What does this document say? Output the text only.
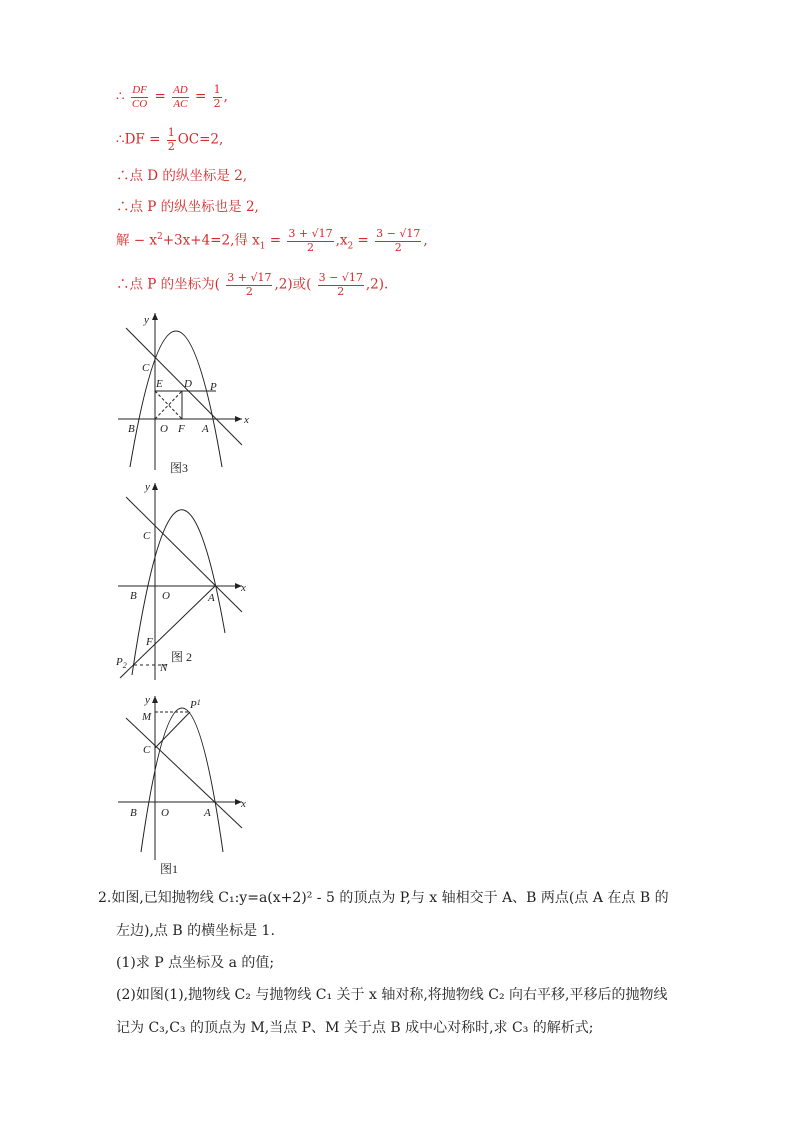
∴ $\frac{DF}{CO} = \frac{AD}{AC} = \frac{1}{2}$ ,
∴DF = $\frac{1}{2} OC=2$,
∴点 D 的纵坐标是 2,
∴点 P 的纵坐标也是 2,
解 − $x^2+3x+4=2$,得 $x_1 = \frac{3 + √17}{2} ,x_2 = \frac{3 - √17}{2}$ ,
∴点 P 的坐标为( $\frac{3 + √17}{2} ,2$)或( $\frac{3 - √17}{2} ,2$).
y
x
C
E D P
B O F A
图3
y
x
C
B O	A
F
$P_2$	N
图 2
y
x
M
$P^1$
C
B O	A
图1
2.如图,已知抛物线 C₁:y=a(x+2)² - 5 的顶点为 P,与 x 轴相交于 A、B 两点(点 A 在点 B 的
左边),点 B 的横坐标是 1.
(1)求 P 点坐标及 a 的值;
(2)如图(1),抛物线 C₂ 与抛物线 C₁ 关于 x 轴对称,将抛物线 C₂ 向右平移,平移后的抛物线
记为 C₃,C₃ 的顶点为 M,当点 P、M 关于点 B 成中心对称时,求 C₃ 的解析式;
